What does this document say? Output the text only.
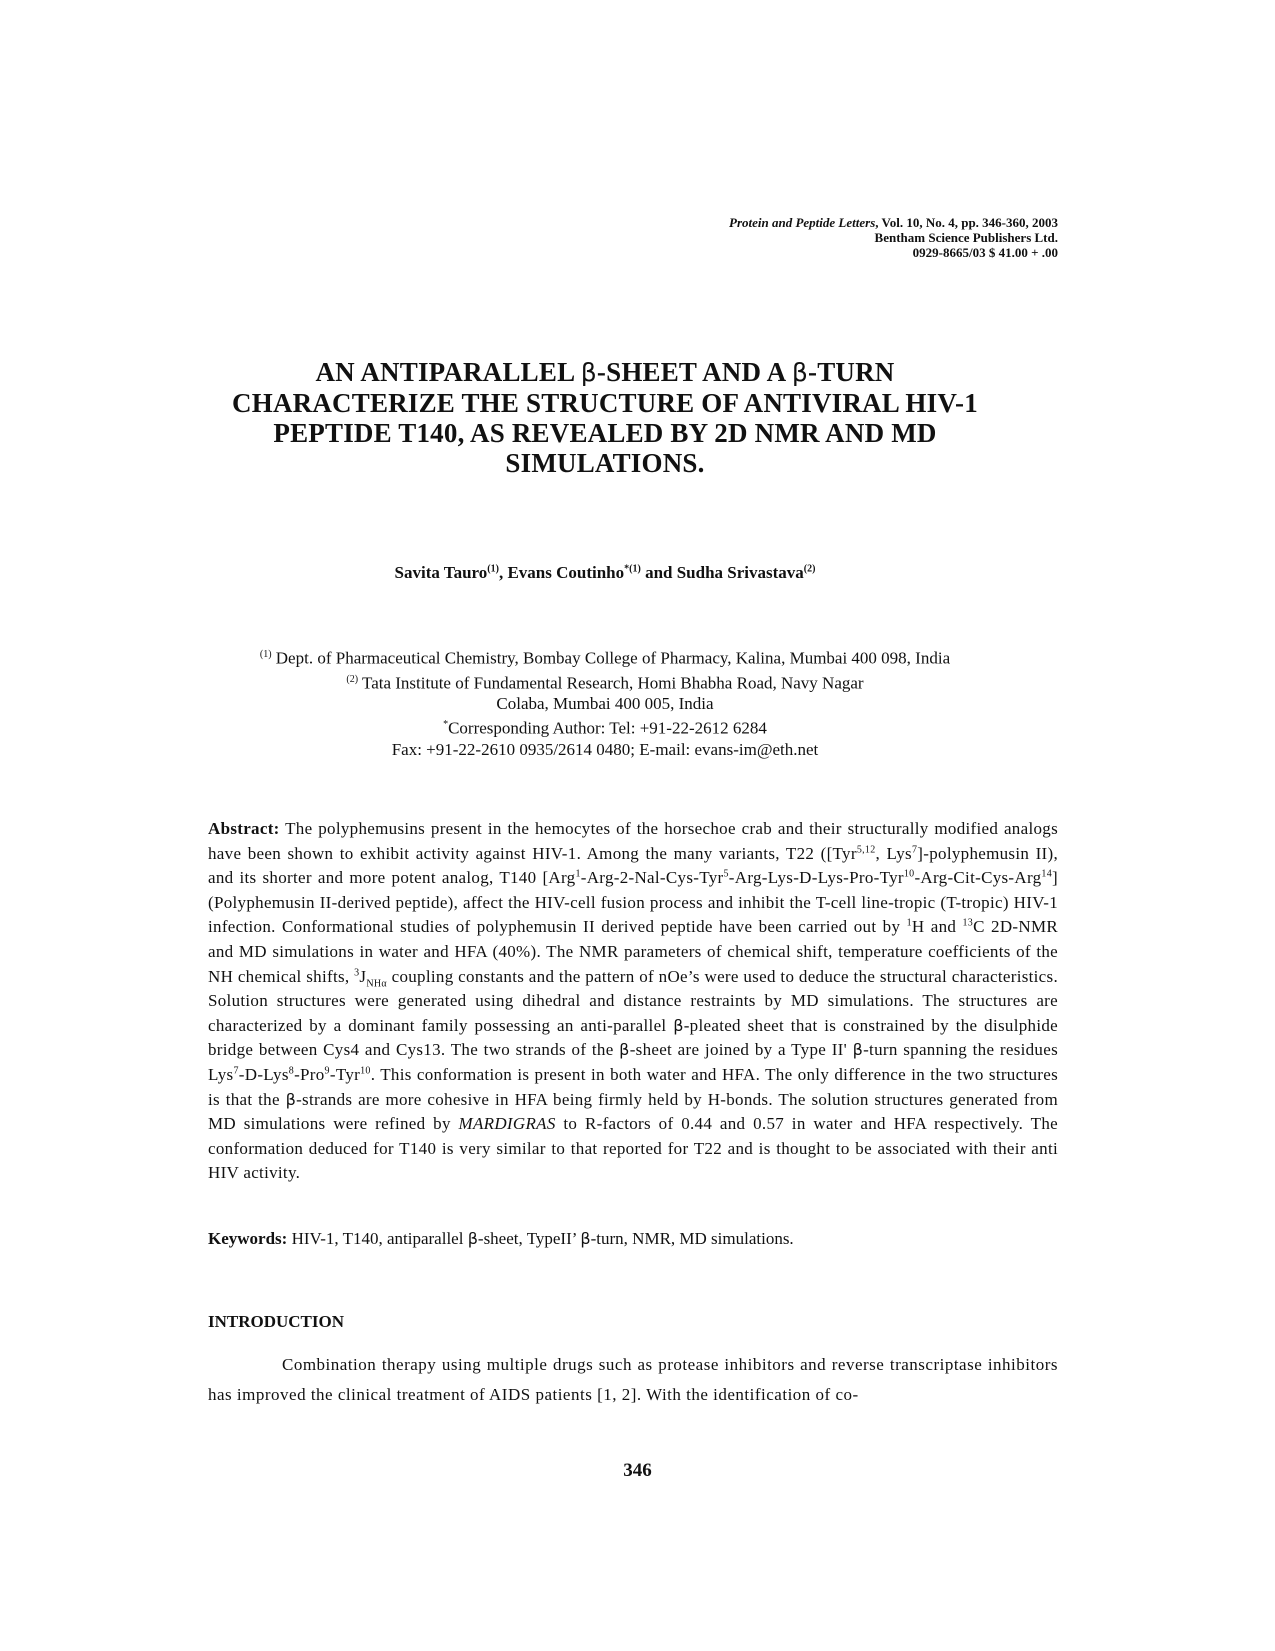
Protein and Peptide Letters, Vol. 10, No. 4, pp. 346-360, 2003
Bentham Science Publishers Ltd.
0929-8665/03 $ 41.00 + .00
AN ANTIPARALLEL β-SHEET AND A β-TURN
CHARACTERIZE THE STRUCTURE OF ANTIVIRAL HIV-1
PEPTIDE T140, AS REVEALED BY 2D NMR AND MD
SIMULATIONS.
Savita Tauro$^{(1)}$, Evans Coutinho$^{*(1)}$ and Sudha Srivastava$^{(2)}$
$^{(1)}$ Dept. of Pharmaceutical Chemistry, Bombay College of Pharmacy, Kalina, Mumbai 400 098, India
$^{(2)}$ Tata Institute of Fundamental Research, Homi Bhabha Road, Navy Nagar
Colaba, Mumbai 400 005, India
*Corresponding Author: Tel: +91-22-2612 6284
Fax: +91-22-2610 0935/2614 0480; E-mail: evans-im@eth.net
Abstract: The polyphemusins present in the hemocytes of the horsechoe crab and their structurally modified analogs have been shown to exhibit activity against HIV-1. Among the many variants, T22 ([Tyr$^{5,12}$, Lys$^7$]-polyphemusin II), and its shorter and more potent analog, T140 [Arg$^1$-Arg-2-Nal-Cys-Tyr$^5$-Arg-Lys-D-Lys-Pro-Tyr$^{10}$-Arg-Cit-Cys-Arg$^{14}$] (Polyphemusin II-derived peptide), affect the HIV-cell fusion process and inhibit the T-cell line-tropic (T-tropic) HIV-1 infection. Conformational studies of polyphemusin II derived peptide have been carried out by $^1$H and $^{13}$C 2D-NMR and MD simulations in water and HFA (40%). The NMR parameters of chemical shift, temperature coefficients of the NH chemical shifts, $^3J_{NH\alpha}$ coupling constants and the pattern of nOe’s were used to deduce the structural characteristics. Solution structures were generated using dihedral and distance restraints by MD simulations. The structures are characterized by a dominant family possessing an anti-parallel β-pleated sheet that is constrained by the disulphide bridge between Cys4 and Cys13. The two strands of the β-sheet are joined by a Type II' β-turn spanning the residues Lys$^7$-D-Lys$^8$-Pro$^9$-Tyr$^{10}$. This conformation is present in both water and HFA. The only difference in the two structures is that the β-strands are more cohesive in HFA being firmly held by H-bonds. The solution structures generated from MD simulations were refined by MARDIGRAS to R-factors of 0.44 and 0.57 in water and HFA respectively. The conformation deduced for T140 is very similar to that reported for T22 and is thought to be associated with their anti HIV activity.
Keywords: HIV-1, T140, antiparallel β-sheet, TypeII’ β-turn, NMR, MD simulations.
INTRODUCTION
Combination therapy using multiple drugs such as protease inhibitors and reverse transcriptase inhibitors has improved the clinical treatment of AIDS patients [1, 2]. With the identification of co-
346
